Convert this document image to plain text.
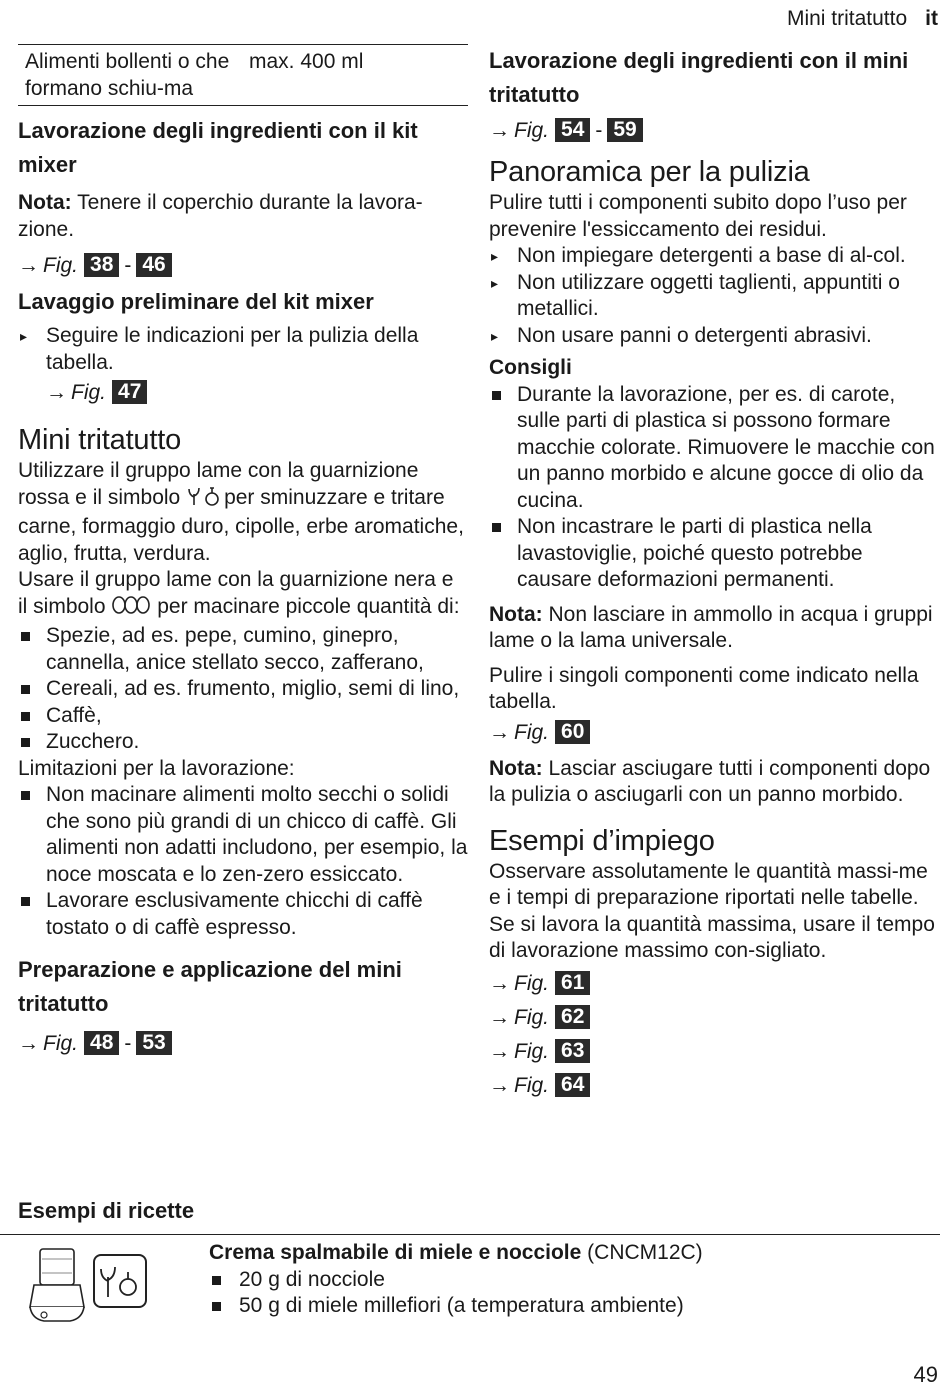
Mini tritatutto it
Alimenti bollenti o che formano schiu-ma
max. 400 ml
Lavorazione degli ingredienti con il kit mixer

Nota: Tenere il coperchio durante la lavora-zione.

→ Fig. 38 - 46
Lavaggio preliminare del kit mixer
▸ Seguire le indicazioni per la pulizia della tabella.
→ Fig. 47
Mini tritatutto

Utilizzare il gruppo lame con la guarnizione rossa e il simbolo per sminuzzare e tritare carne, formaggio duro, cipolle, erbe aromatiche, aglio, frutta, verdura.

Usare il gruppo lame con la guarnizione nera e il simbolo per macinare piccole quantità di:

Spezie, ad es. pepe, cumino, ginepro, cannella, anice stellato secco, zafferano,
Cereali, ad es. frumento, miglio, semi di lino,
Caffè,
Zucchero.

Limitazioni per la lavorazione:

Non macinare alimenti molto secchi o solidi che sono più grandi di un chicco di caffè. Gli alimenti non adatti includono, per esempio, la noce moscata e lo zen-zero essiccato.
Lavorare esclusivamente chicchi di caffè tostato o di caffè espresso.
Preparazione e applicazione del mini tritatutto
→ Fig. 48 - 53
Lavorazione degli ingredienti con il mini tritatutto
→ Fig. 54 - 59
Panoramica per la pulizia

Pulire tutti i componenti subito dopo l’uso per prevenire l'essiccamento dei residui.

▸ Non impiegare detergenti a base di al-col.
▸ Non utilizzare oggetti taglienti, appuntiti o metallici.
▸ Non usare panni o detergenti abrasivi.

Consigli

Durante la lavorazione, per es. di carote, sulle parti di plastica si possono formare macchie colorate. Rimuovere le macchie con un panno morbido e alcune gocce di olio da cucina.
Non incastrare le parti di plastica nella lavastoviglie, poiché questo potrebbe causare deformazioni permanenti.

Nota: Non lasciare in ammollo in acqua i gruppi lame o la lama universale.

Pulire i singoli componenti come indicato nella tabella.

→ Fig. 60

Nota: Lasciar asciugare tutti i componenti dopo la pulizia o asciugarli con un panno morbido.

Esempi d’impiego

Osservare assolutamente le quantità massi-me e i tempi di preparazione riportati nelle tabelle. Se si lavora la quantità massima, usare il tempo di lavorazione massimo con-sigliato.

→ Fig. 61
→ Fig. 62
→ Fig. 63
→ Fig. 64
Esempi di ricette

Crema spalmabile di miele e nocciole (CNCM12C)

20 g di nocciole
50 g di miele millefiori (a temperatura ambiente)
49
